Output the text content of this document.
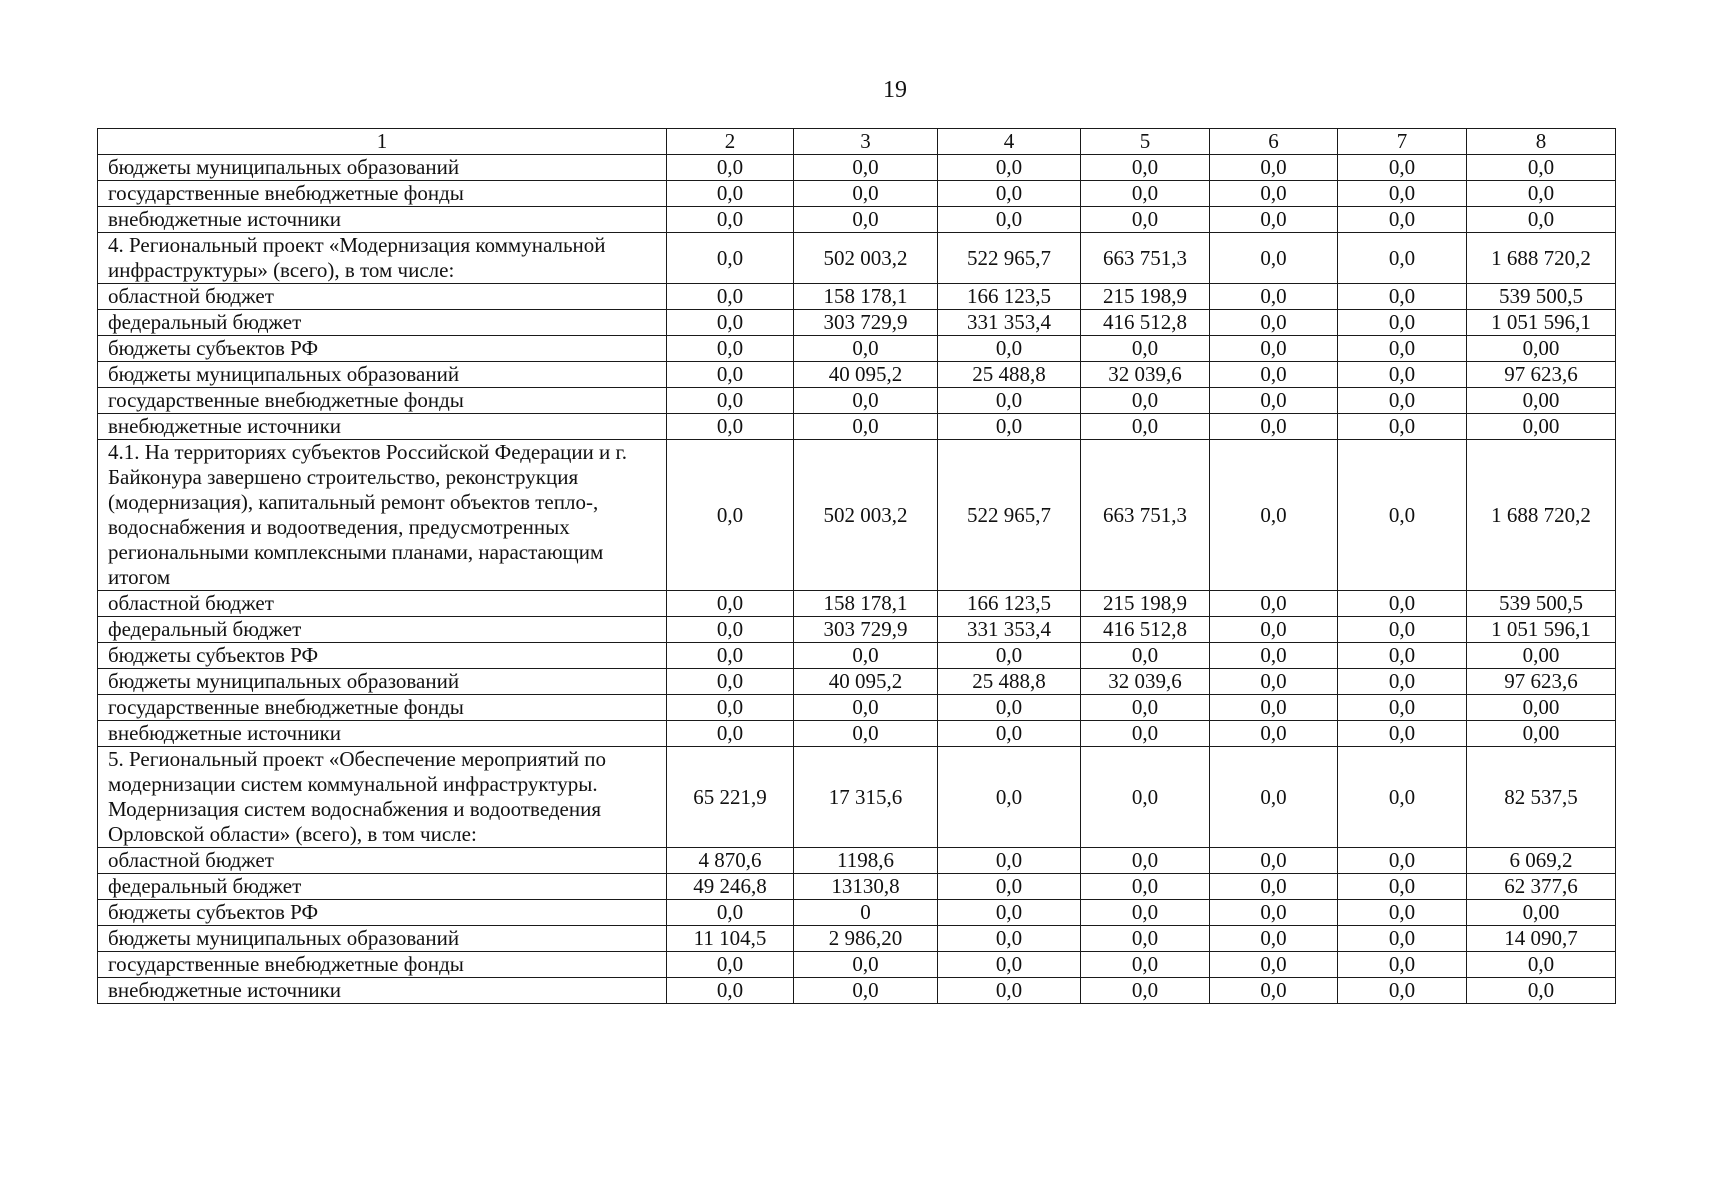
19
1	2	3	4	5	6	7	8
бюджеты муниципальных образований	0,0	0,0	0,0	0,0	0,0	0,0	0,0
государственные внебюджетные фонды	0,0	0,0	0,0	0,0	0,0	0,0	0,0
внебюджетные источники	0,0	0,0	0,0	0,0	0,0	0,0	0,0
4. Региональный проект «Модернизация коммунальной инфраструктуры» (всего), в том числе:	0,0	502 003,2	522 965,7	663 751,3	0,0	0,0	1 688 720,2
областной бюджет	0,0	158 178,1	166 123,5	215 198,9	0,0	0,0	539 500,5
федеральный бюджет	0,0	303 729,9	331 353,4	416 512,8	0,0	0,0	1 051 596,1
бюджеты субъектов РФ	0,0	0,0	0,0	0,0	0,0	0,0	0,00
бюджеты муниципальных образований	0,0	40 095,2	25 488,8	32 039,6	0,0	0,0	97 623,6
государственные внебюджетные фонды	0,0	0,0	0,0	0,0	0,0	0,0	0,00
внебюджетные источники	0,0	0,0	0,0	0,0	0,0	0,0	0,00
4.1. На территориях субъектов Российской Федерации и г. Байконура завершено строительство, реконструкция (модернизация), капитальный ремонт объектов тепло-, водоснабжения и водоотведения, предусмотренных региональными комплексными планами, нарастающим итогом	0,0	502 003,2	522 965,7	663 751,3	0,0	0,0	1 688 720,2
областной бюджет	0,0	158 178,1	166 123,5	215 198,9	0,0	0,0	539 500,5
федеральный бюджет	0,0	303 729,9	331 353,4	416 512,8	0,0	0,0	1 051 596,1
бюджеты субъектов РФ	0,0	0,0	0,0	0,0	0,0	0,0	0,00
бюджеты муниципальных образований	0,0	40 095,2	25 488,8	32 039,6	0,0	0,0	97 623,6
государственные внебюджетные фонды	0,0	0,0	0,0	0,0	0,0	0,0	0,00
внебюджетные источники	0,0	0,0	0,0	0,0	0,0	0,0	0,00
5. Региональный проект «Обеспечение мероприятий по модернизации систем коммунальной инфраструктуры. Модернизация систем водоснабжения и водоотведения Орловской области» (всего), в том числе:	65 221,9	17 315,6	0,0	0,0	0,0	0,0	82 537,5
областной бюджет	4 870,6	1198,6	0,0	0,0	0,0	0,0	6 069,2
федеральный бюджет	49 246,8	13130,8	0,0	0,0	0,0	0,0	62 377,6
бюджеты субъектов РФ	0,0	0	0,0	0,0	0,0	0,0	0,00
бюджеты муниципальных образований	11 104,5	2 986,20	0,0	0,0	0,0	0,0	14 090,7
государственные внебюджетные фонды	0,0	0,0	0,0	0,0	0,0	0,0	0,0
внебюджетные источники	0,0	0,0	0,0	0,0	0,0	0,0	0,0
